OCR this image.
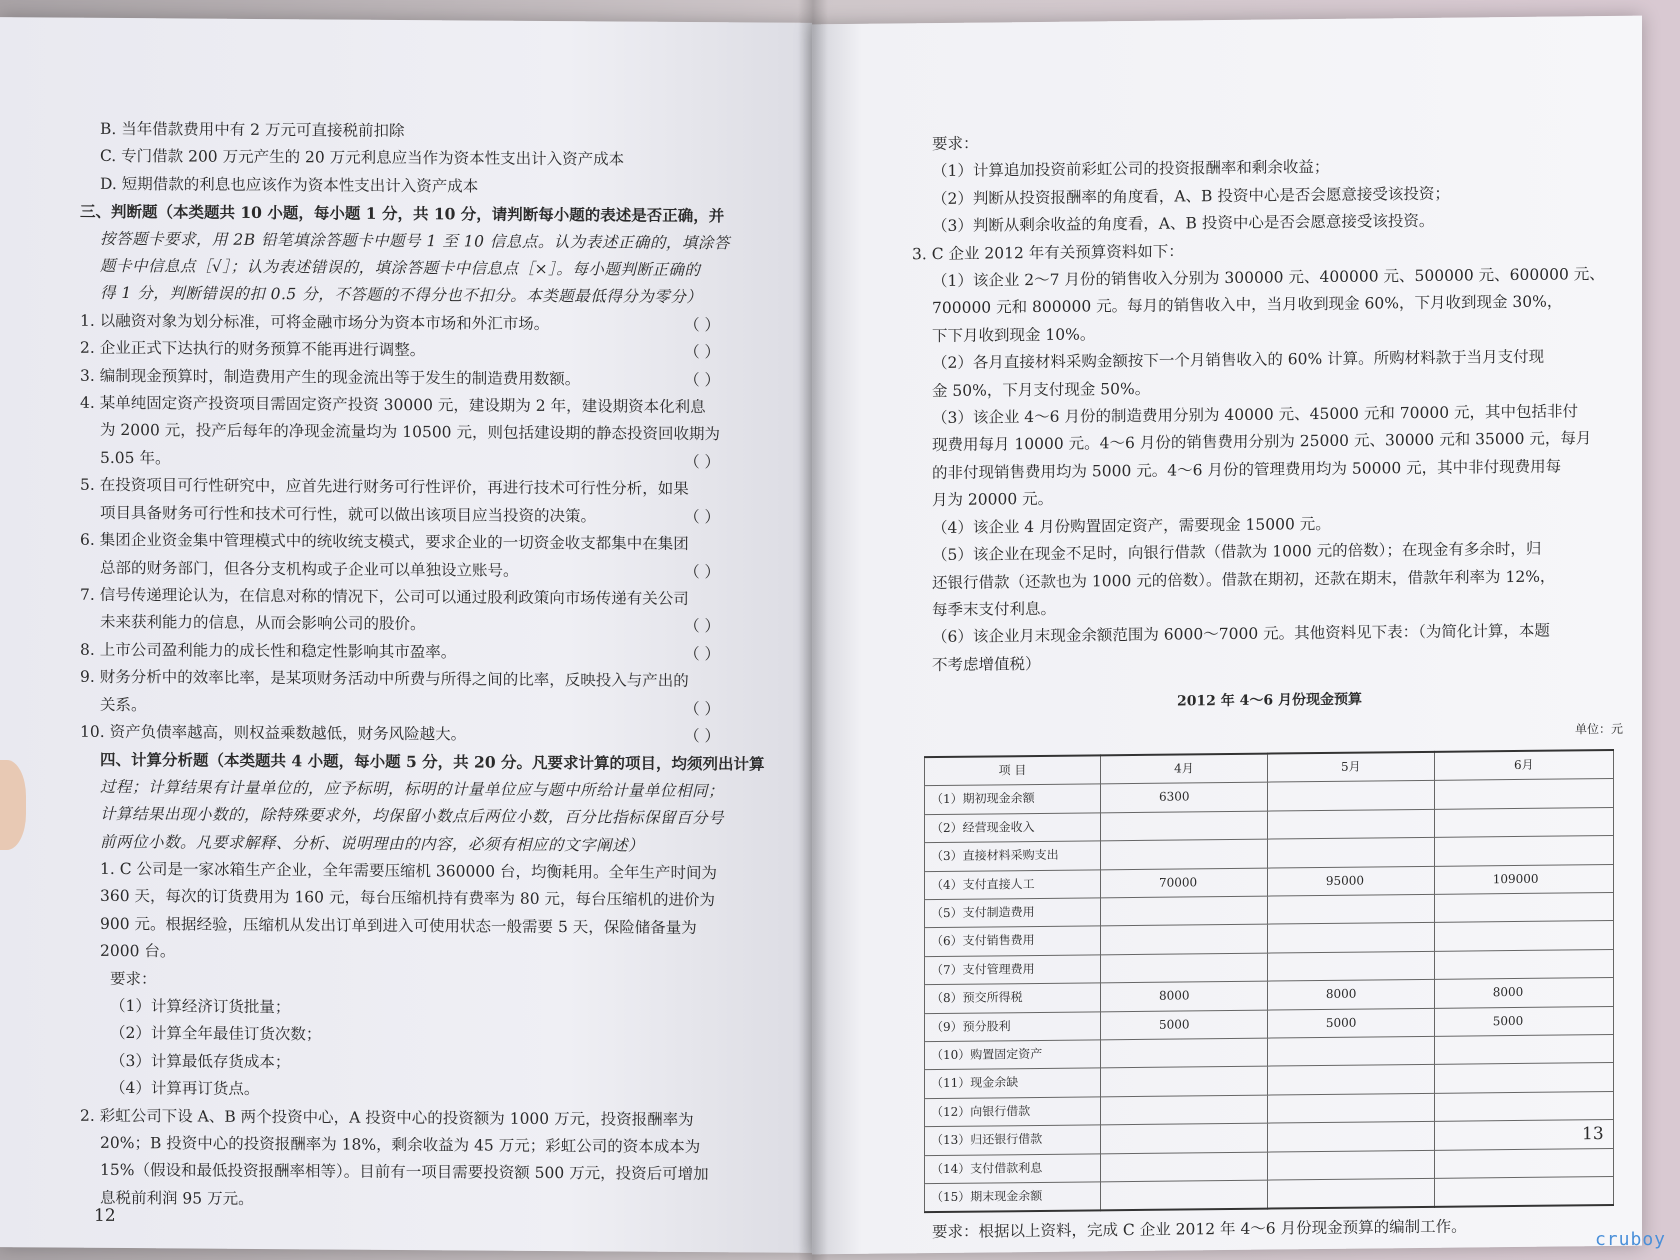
B. 当年借款费用中有 2 万元可直接税前扣除
C. 专门借款 200 万元产生的 20 万元利息应当作为资本性支出计入资产成本
D. 短期借款的利息也应该作为资本性支出计入资产成本
三、判断题（本类题共 10 小题，每小题 1 分，共 10 分，请判断每小题的表述是否正确，并
按答题卡要求，用 2B 铅笔填涂答题卡中题号 1 至 10 信息点。认为表述正确的，填涂答
题卡中信息点［√］；认为表述错误的，填涂答题卡中信息点［×］。每小题判断正确的
得 1 分，判断错误的扣 0.5 分，不答题的不得分也不扣分。本类题最低得分为零分）
1. 以融资对象为划分标准，可将金融市场分为资本市场和外汇市场。	（ ）
2. 企业正式下达执行的财务预算不能再进行调整。	（ ）
3. 编制现金预算时，制造费用产生的现金流出等于发生的制造费用数额。	（ ）
4. 某单纯固定资产投资项目需固定资产投资 30000 元，建设期为 2 年，建设期资本化利息
为 2000 元，投产后每年的净现金流量均为 10500 元，则包括建设期的静态投资回收期为
5.05 年。	（ ）
5. 在投资项目可行性研究中，应首先进行财务可行性评价，再进行技术可行性分析，如果
项目具备财务可行性和技术可行性，就可以做出该项目应当投资的决策。	（ ）
6. 集团企业资金集中管理模式中的统收统支模式，要求企业的一切资金收支都集中在集团
总部的财务部门，但各分支机构或子企业可以单独设立账号。	（ ）
7. 信号传递理论认为，在信息对称的情况下，公司可以通过股利政策向市场传递有关公司
未来获利能力的信息，从而会影响公司的股价。	（ ）
8. 上市公司盈利能力的成长性和稳定性影响其市盈率。	（ ）
9. 财务分析中的效率比率，是某项财务活动中所费与所得之间的比率，反映投入与产出的
关系。	（ ）
10. 资产负债率越高，则权益乘数越低，财务风险越大。	（ ）
四、计算分析题（本类题共 4 小题，每小题 5 分，共 20 分。凡要求计算的项目，均须列出计算
过程；计算结果有计量单位的，应予标明，标明的计量单位应与题中所给计量单位相同；
计算结果出现小数的，除特殊要求外，均保留小数点后两位小数，百分比指标保留百分号
前两位小数。凡要求解释、分析、说明理由的内容，必须有相应的文字阐述）
1. C 公司是一家冰箱生产企业，全年需要压缩机 360000 台，均衡耗用。全年生产时间为
360 天，每次的订货费用为 160 元，每台压缩机持有费率为 80 元，每台压缩机的进价为
900 元。根据经验，压缩机从发出订单到进入可使用状态一般需要 5 天，保险储备量为
2000 台。
要求：
（1）计算经济订货批量；
（2）计算全年最佳订货次数；
（3）计算最低存货成本；
（4）计算再订货点。
2. 彩虹公司下设 A、B 两个投资中心，A 投资中心的投资额为 1000 万元，投资报酬率为
20%；B 投资中心的投资报酬率为 18%，剩余收益为 45 万元；彩虹公司的资本成本为
15%（假设和最低投资报酬率相等）。目前有一项目需要投资额 500 万元，投资后可增加
息税前利润 95 万元。
12
要求：
（1）计算追加投资前彩虹公司的投资报酬率和剩余收益；
（2）判断从投资报酬率的角度看，A、B 投资中心是否会愿意接受该投资；
（3）判断从剩余收益的角度看，A、B 投资中心是否会愿意接受该投资。
3. C 企业 2012 年有关预算资料如下：
（1）该企业 2～7 月份的销售收入分别为 300000 元、400000 元、500000 元、600000 元、
700000 元和 800000 元。每月的销售收入中，当月收到现金 60%，下月收到现金 30%，
下下月收到现金 10%。
（2）各月直接材料采购金额按下一个月销售收入的 60% 计算。所购材料款于当月支付现
金 50%，下月支付现金 50%。
（3）该企业 4～6 月份的制造费用分别为 40000 元、45000 元和 70000 元，其中包括非付
现费用每月 10000 元。4～6 月份的销售费用分别为 25000 元、30000 元和 35000 元，每月
的非付现销售费用均为 5000 元。4～6 月份的管理费用均为 50000 元，其中非付现费用每
月为 20000 元。
（4）该企业 4 月份购置固定资产，需要现金 15000 元。
（5）该企业在现金不足时，向银行借款（借款为 1000 元的倍数）；在现金有多余时，归
还银行借款（还款也为 1000 元的倍数）。借款在期初，还款在期末，借款年利率为 12%，
每季末支付利息。
（6）该企业月末现金余额范围为 6000～7000 元。其他资料见下表：（为简化计算，本题
不考虑增值税）
2012 年 4～6 月份现金预算
单位：元
项 目	4月	5月	6月
（1）期初现金余额	6300		
（2）经营现金收入			
（3）直接材料采购支出			
（4）支付直接人工	70000	95000	109000
（5）支付制造费用			
（6）支付销售费用			
（7）支付管理费用			
（8）预交所得税	8000	8000	8000
（9）预分股利	5000	5000	5000
（10）购置固定资产			
（11）现金余缺			
（12）向银行借款			
（13）归还银行借款			
（14）支付借款利息			
（15）期末现金余额			
要求：根据以上资料，完成 C 企业 2012 年 4～6 月份现金预算的编制工作。
13
cruboy
